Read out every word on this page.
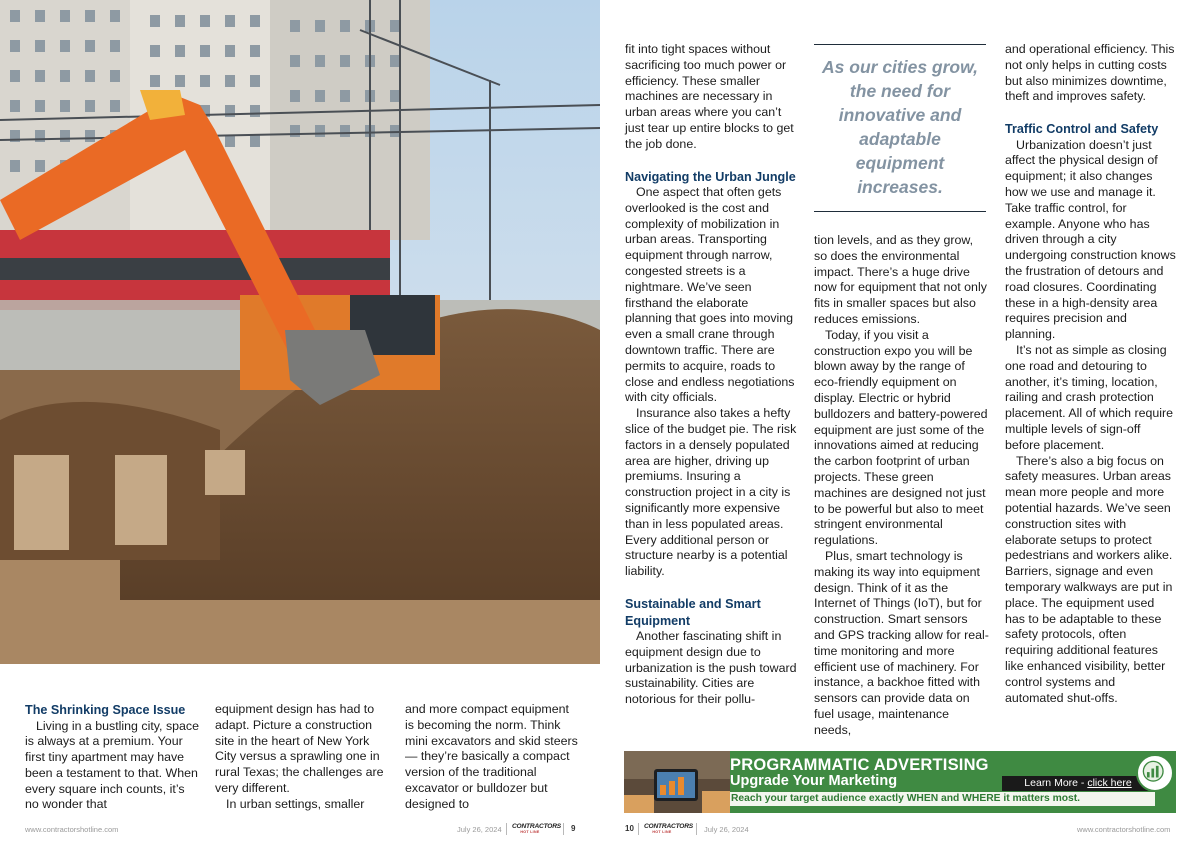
The Shrinking Space Issue

Living in a bustling city, space is always at a premium. Your first tiny apartment may have been a testament to that. When every square inch counts, it’s no wonder that

equipment design has had to adapt. Picture a construction site in the heart of New York City versus a sprawling one in rural Texas; the challenges are very different.

In urban settings, smaller

and more compact equipment is becoming the norm. Think mini excavators and skid steers — they’re basically a compact version of the traditional excavator or bulldozer but designed to

www.contractorshotline.com	July 26, 2024 CONTRACTORS
HOT LINE	9

fit into tight spaces without sacrificing too much power or efficiency. These smaller machines are necessary in urban areas where you can’t just tear up entire blocks to get the job done.

Navigating the Urban Jungle

One aspect that often gets overlooked is the cost and complexity of mobilization in urban areas. Transporting equipment through narrow, congested streets is a nightmare. We’ve seen firsthand the elaborate planning that goes into moving even a small crane through downtown traffic. There are permits to acquire, roads to close and endless negotiations with city officials.

Insurance also takes a hefty slice of the budget pie. The risk factors in a densely populated area are higher, driving up premiums. Insuring a construction project in a city is significantly more expensive than in less populated areas. Every additional person or structure nearby is a potential liability.

Sustainable and Smart Equipment

Another fascinating shift in equipment design due to urbanization is the push toward sustainability. Cities are notorious for their pollu-

As our cities grow, the need for innovative and adaptable equipment increases.

tion levels, and as they grow, so does the environmental impact. There’s a huge drive now for equipment that not only fits in smaller spaces but also reduces emissions.

Today, if you visit a construction expo you will be blown away by the range of eco-friendly equipment on display. Electric or hybrid bulldozers and battery-powered equipment are just some of the innovations aimed at reducing the carbon footprint of urban projects. These green machines are designed not just to be powerful but also to meet stringent environmental regulations.

Plus, smart technology is making its way into equipment design. Think of it as the Internet of Things (IoT), but for construction. Smart sensors and GPS tracking allow for real-time monitoring and more efficient use of machinery. For instance, a backhoe fitted with sensors can provide data on fuel usage, maintenance needs,

and operational efficiency. This not only helps in cutting costs but also minimizes downtime, theft and improves safety.

Traffic Control and Safety

Urbanization doesn’t just affect the physical design of equipment; it also changes how we use and manage it. Take traffic control, for example. Anyone who has driven through a city undergoing construction knows the frustration of detours and road closures. Coordinating these in a high-density area requires precision and planning.

It’s not as simple as closing one road and detouring to another, it’s timing, location, railing and crash protection placement. All of which require multiple levels of sign-off before placement.

There’s also a big focus on safety measures. Urban areas mean more people and more potential hazards. We’ve seen construction sites with elaborate setups to protect pedestrians and workers alike. Barriers, signage and even temporary walkways are put in place. The equipment used has to be adaptable to these safety protocols, often requiring additional features like enhanced visibility, better control systems and automated shut-offs.

PROGRAMMATIC ADVERTISING
Upgrade Your Marketing
Reach your target audience exactly WHEN and WHERE it matters most.
Learn More - click here
10 CONTRACTORS
HOT LINE	July 26, 2024	www.contractorshotline.com
